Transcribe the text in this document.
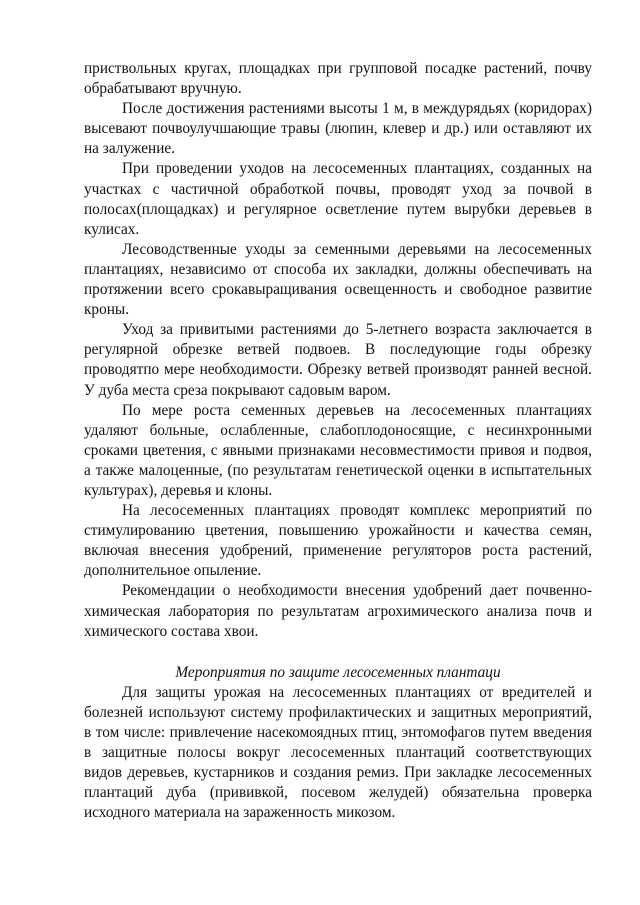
приствольных кругах, площадках при групповой посадке растений, почву обрабатывают вручную.

После достижения растениями высоты 1 м, в междурядьях (коридорах) высевают почвоулучшающие травы (люпин, клевер и др.) или оставляют их на залужение.

При проведении уходов на лесосеменных плантациях, созданных на участках с частичной обработкой почвы, проводят уход за почвой в полосах(площадках) и регулярное осветление путем вырубки деревьев в кулисах.

Лесоводственные уходы за семенными деревьями на лесосеменных плантациях, независимо от способа их закладки, должны обеспечивать на протяжении всего срокавыращивания освещенность и свободное развитие кроны.

Уход за привитыми растениями до 5-летнего возраста заключается в регулярной обрезке ветвей подвоев. В последующие годы обрезку проводятпо мере необходимости. Обрезку ветвей производят ранней весной. У дуба места среза покрывают садовым варом.

По мере роста семенных деревьев на лесосеменных плантациях удаляют больные, ослабленные, слабоплодоносящие, с несинхронными сроками цветения, с явными признаками несовместимости привоя и подвоя, а также малоценные, (по результатам генетической оценки в испытательных культурах), деревья и клоны.

На лесосеменных плантациях проводят комплекс мероприятий по стимулированию цветения, повышению урожайности и качества семян, включая внесения удобрений, применение регуляторов роста растений, дополнительное опыление.

Рекомендации о необходимости внесения удобрений дает почвенно-химическая лаборатория по результатам агрохимического анализа почв и химического состава хвои.

Мероприятия по защите лесосеменных плантаци

Для защиты урожая на лесосеменных плантациях от вредителей и болезней используют систему профилактических и защитных мероприятий, в том числе: привлечение насекомоядных птиц, энтомофагов путем введения в защитные полосы вокруг лесосеменных плантаций соответствующих видов деревьев, кустарников и создания ремиз. При закладке лесосеменных плантаций дуба (прививкой, посевом желудей) обязательна проверка исходного материала на зараженность микозом.
